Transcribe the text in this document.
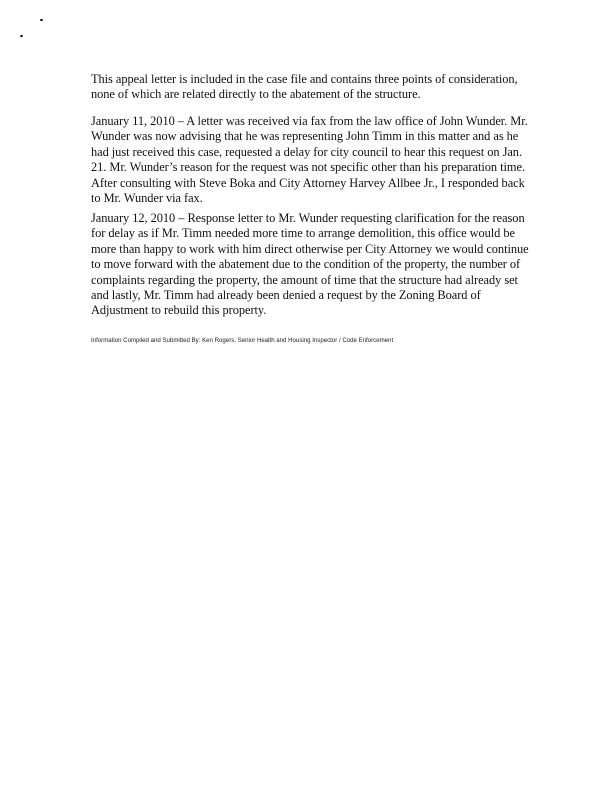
This appeal letter is included in the case file and contains three points of consideration,
none of which are related directly to the abatement of the structure.

January 11, 2010 – A letter was received via fax from the law office of John Wunder. Mr.
Wunder was now advising that he was representing John Timm in this matter and as he
had just received this case, requested a delay for city council to hear this request on Jan.
21. Mr. Wunder’s reason for the request was not specific other than his preparation time.
After consulting with Steve Boka and City Attorney Harvey Allbee Jr., I responded back
to Mr. Wunder via fax.

January 12, 2010 – Response letter to Mr. Wunder requesting clarification for the reason
for delay as if Mr. Timm needed more time to arrange demolition, this office would be
more than happy to work with him direct otherwise per City Attorney we would continue
to move forward with the abatement due to the condition of the property, the number of
complaints regarding the property, the amount of time that the structure had already set
and lastly, Mr. Timm had already been denied a request by the Zoning Board of
Adjustment to rebuild this property.

Information Compiled and Submitted By: Ken Rogers, Senior Health and Housing Inspector / Code Enforcement
